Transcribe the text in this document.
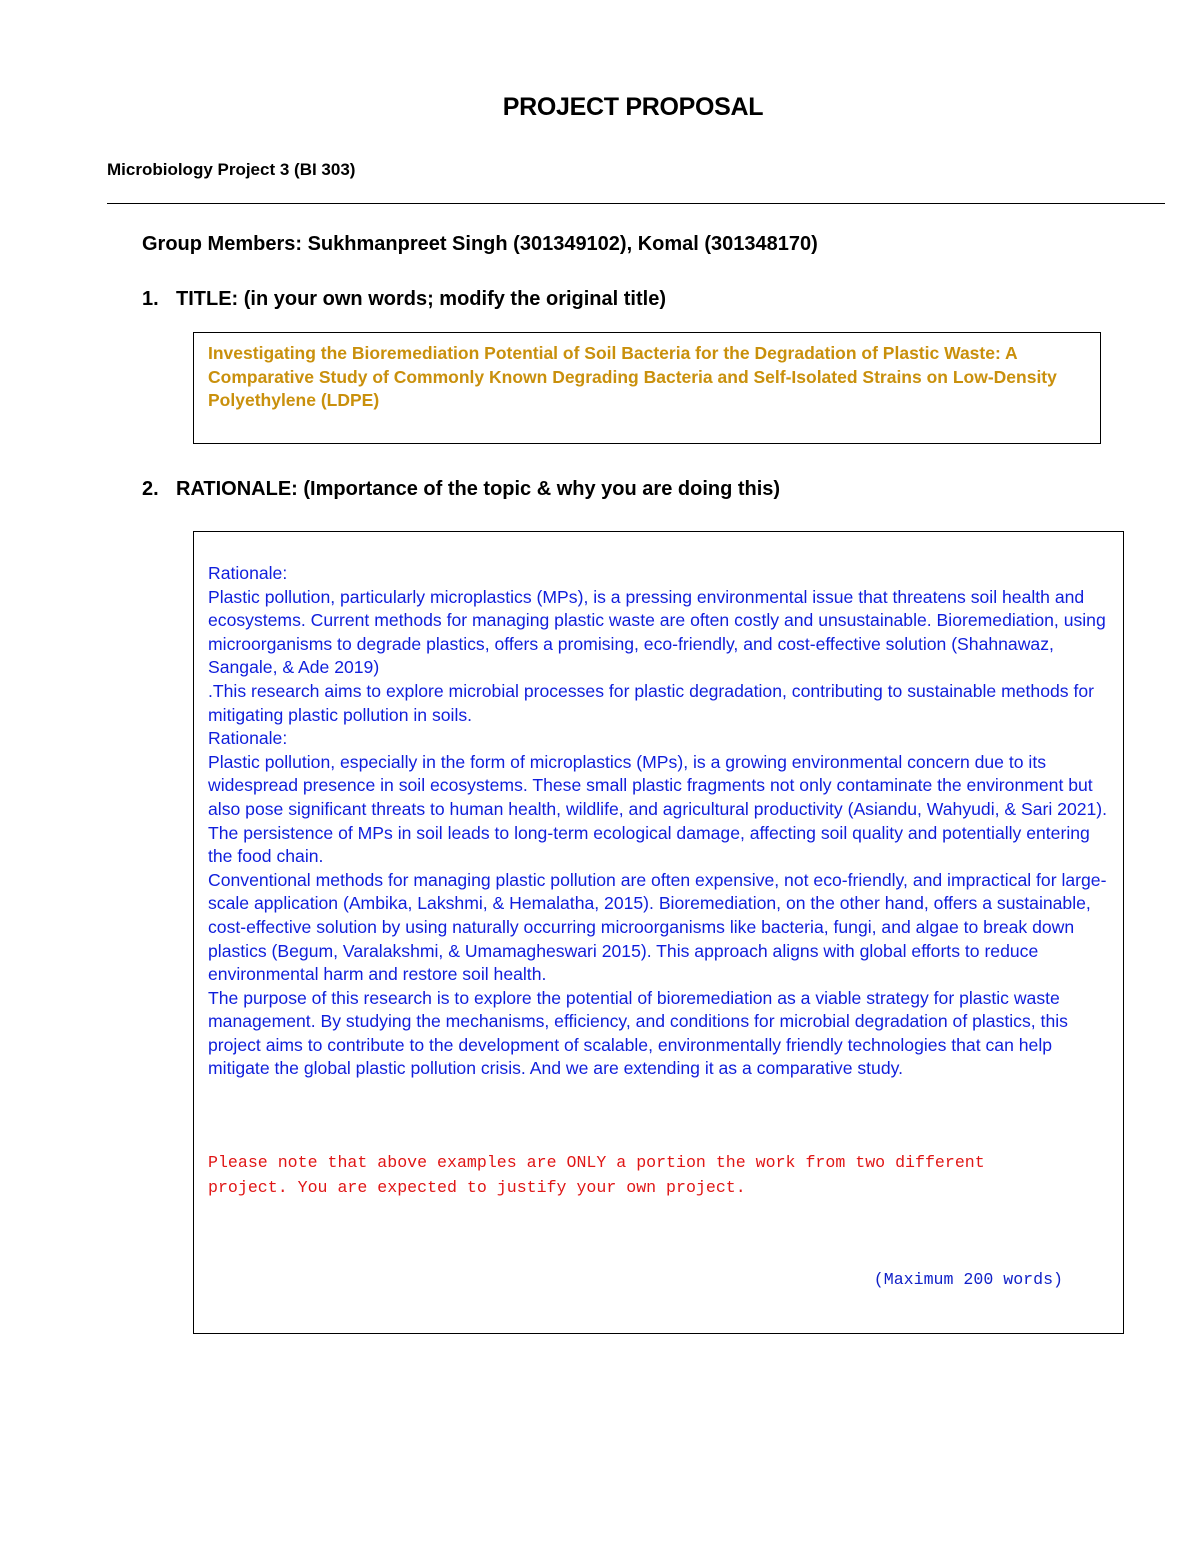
PROJECT PROPOSAL
Microbiology Project 3 (BI 303)
Group Members: Sukhmanpreet Singh (301349102), Komal (301348170)
1. TITLE: (in your own words; modify the original title)
Investigating the Bioremediation Potential of Soil Bacteria for the Degradation of Plastic Waste: A Comparative Study of Commonly Known Degrading Bacteria and Self-Isolated Strains on Low-Density Polyethylene (LDPE)
2. RATIONALE: (Importance of the topic & why you are doing this)

Rationale:

Plastic pollution, particularly microplastics (MPs), is a pressing environmental issue that threatens soil health and ecosystems. Current methods for managing plastic waste are often costly and unsustainable. Bioremediation, using microorganisms to degrade plastics, offers a promising, eco-friendly, and cost-effective solution (Shahnawaz, Sangale, & Ade 2019)

.This research aims to explore microbial processes for plastic degradation, contributing to sustainable methods for mitigating plastic pollution in soils.

Rationale:

Plastic pollution, especially in the form of microplastics (MPs), is a growing environmental concern due to its widespread presence in soil ecosystems. These small plastic fragments not only contaminate the environment but also pose significant threats to human health, wildlife, and agricultural productivity (Asiandu, Wahyudi, & Sari 2021). The persistence of MPs in soil leads to long-term ecological damage, affecting soil quality and potentially entering the food chain.

Conventional methods for managing plastic pollution are often expensive, not eco-friendly, and impractical for large-scale application (Ambika, Lakshmi, & Hemalatha, 2015). Bioremediation, on the other hand, offers a sustainable, cost-effective solution by using naturally occurring microorganisms like bacteria, fungi, and algae to break down plastics (Begum, Varalakshmi, & Umamagheswari 2015). This approach aligns with global efforts to reduce environmental harm and restore soil health.

The purpose of this research is to explore the potential of bioremediation as a viable strategy for plastic waste management. By studying the mechanisms, efficiency, and conditions for microbial degradation of plastics, this project aims to contribute to the development of scalable, environmentally friendly technologies that can help mitigate the global plastic pollution crisis. And we are extending it as a comparative study.

Please note that above examples are ONLY a portion the work from two different project. You are expected to justify your own project.
(Maximum 200 words)
